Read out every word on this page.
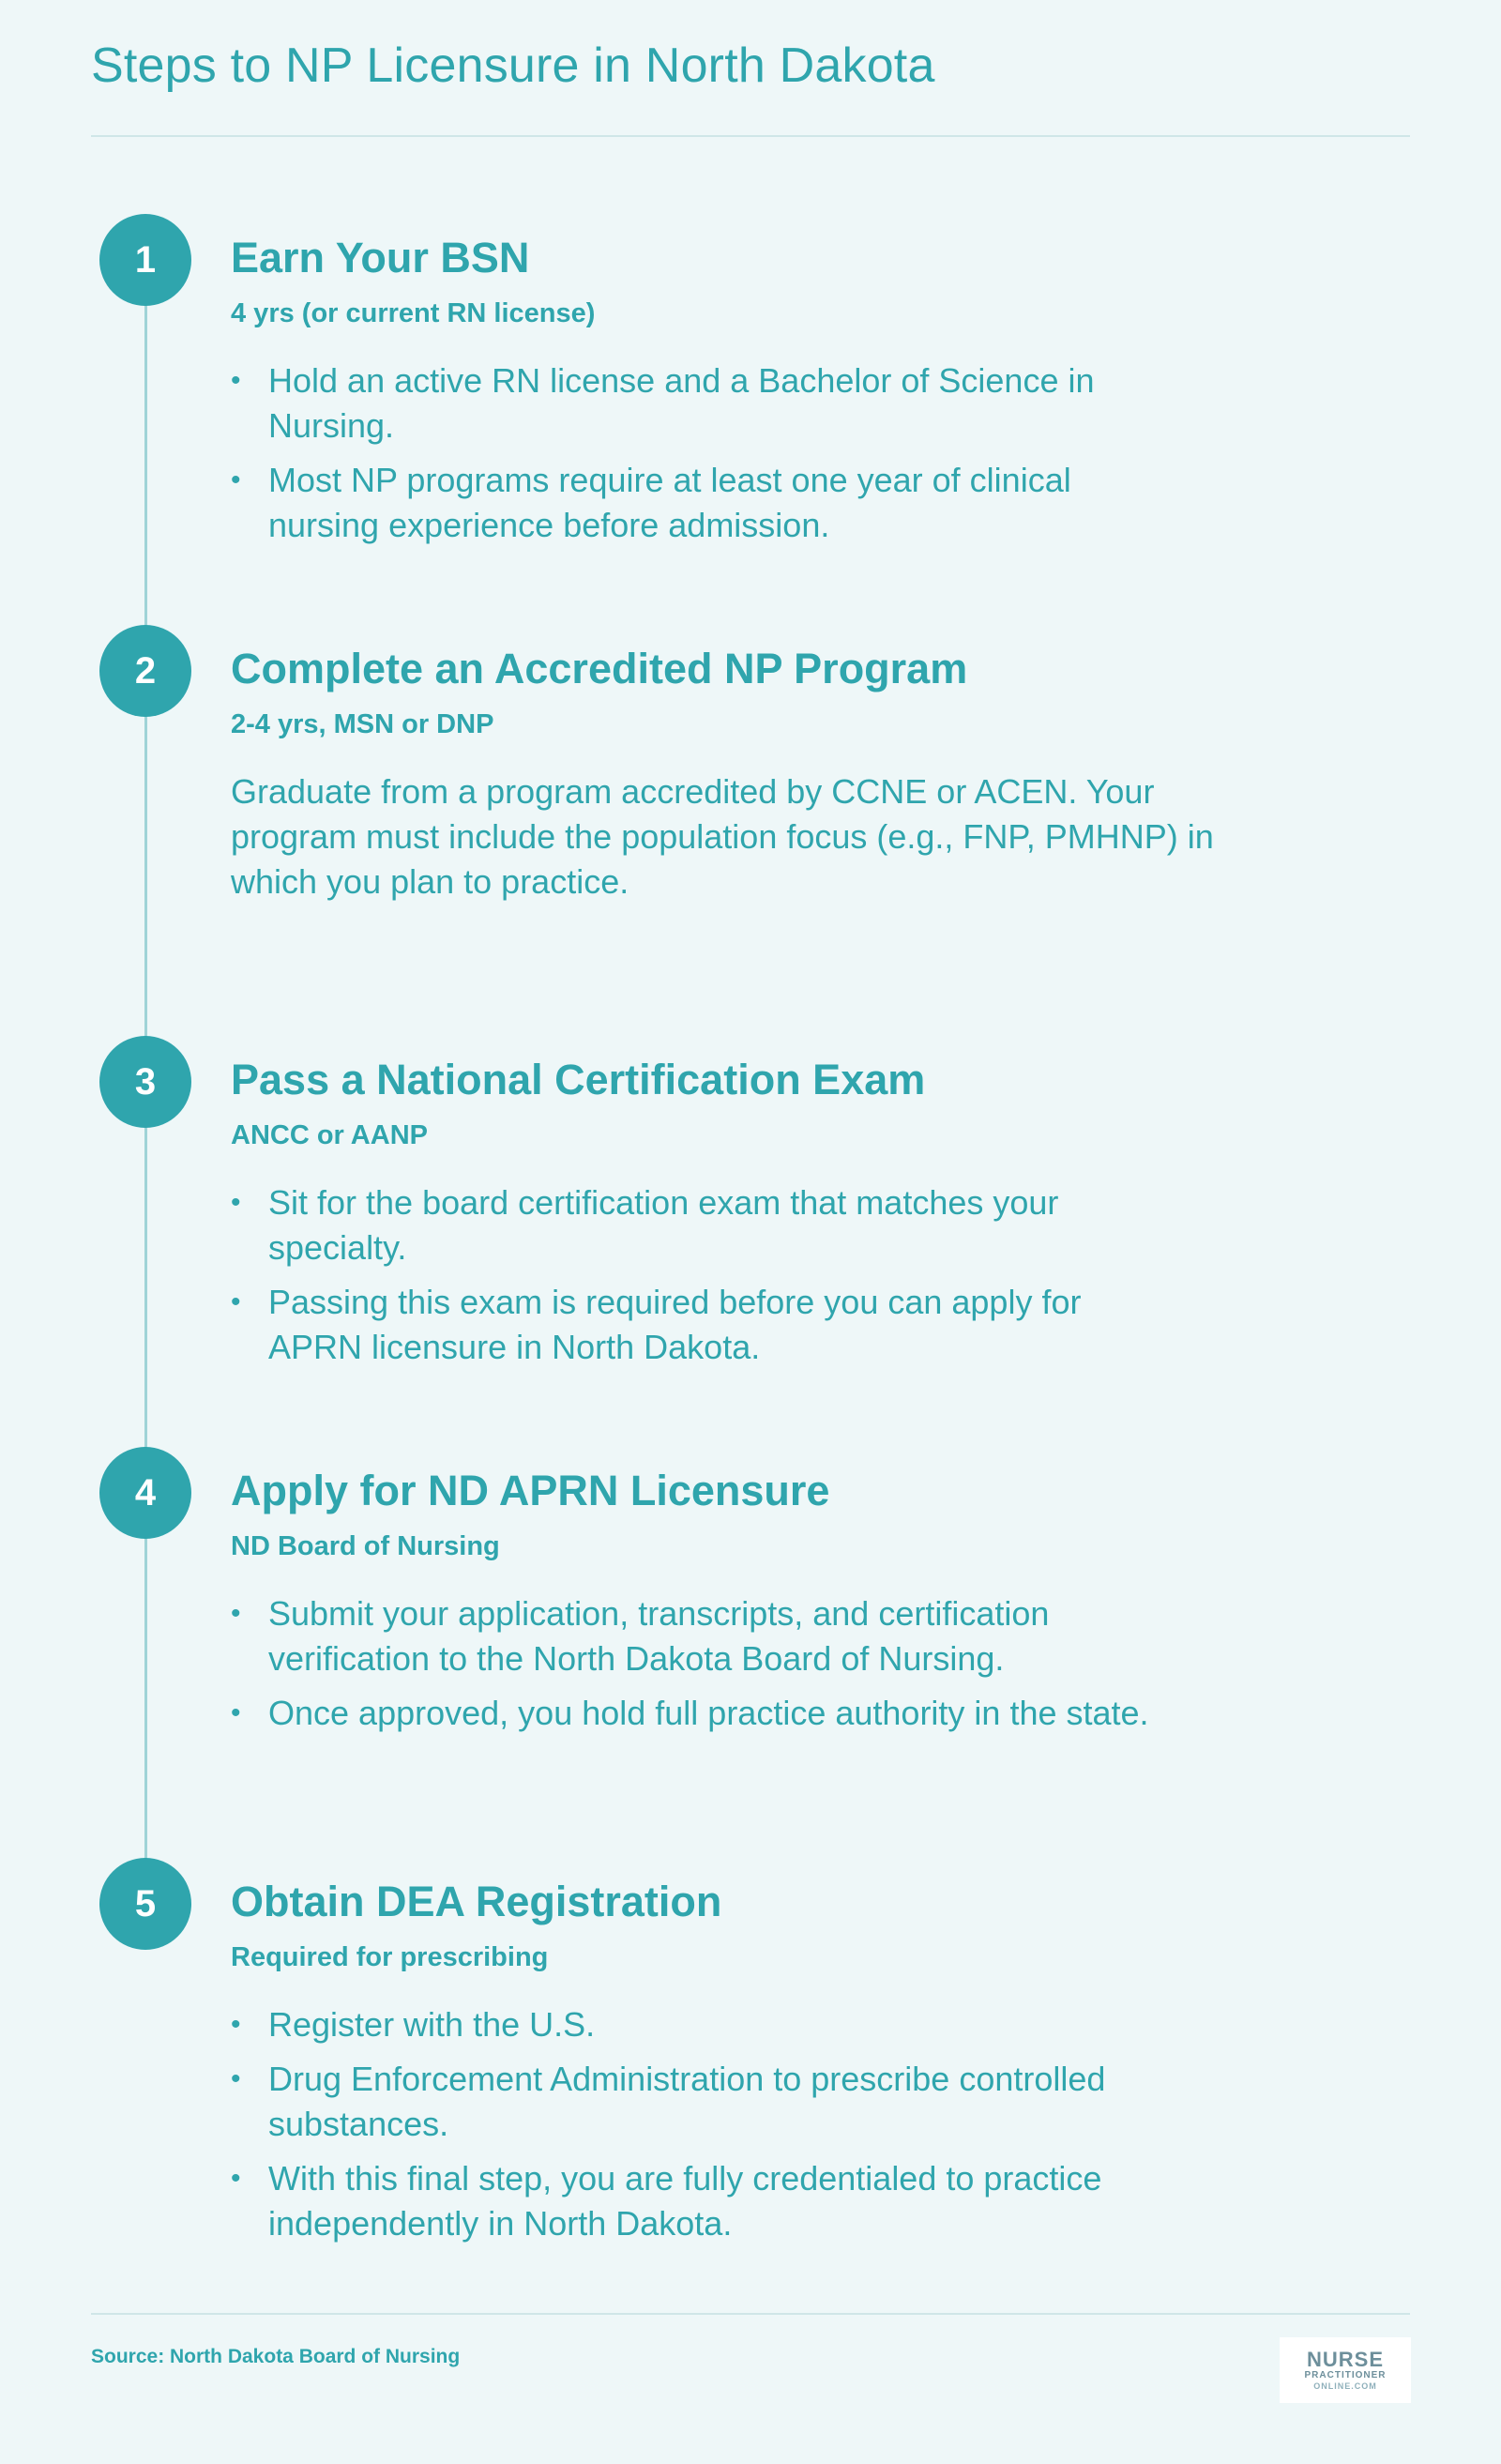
Steps to NP Licensure in North Dakota
1	Earn Your BSN
4 yrs (or current RN license)
• Hold an active RN license and a Bachelor of Science in Nursing.
• Most NP programs require at least one year of clinical nursing experience before admission.
2	Complete an Accredited NP Program
2-4 yrs, MSN or DNP

Graduate from a program accredited by CCNE or ACEN. Your program must include the population focus (e.g., FNP, PMHNP) in which you plan to practice.

3	Pass a National Certification Exam
ANCC or AANP
• Sit for the board certification exam that matches your specialty.
• Passing this exam is required before you can apply for APRN licensure in North Dakota.
4	Apply for ND APRN Licensure
ND Board of Nursing
• Submit your application, transcripts, and certification verification to the North Dakota Board of Nursing.
• Once approved, you hold full practice authority in the state.
5	Obtain DEA Registration
Required for prescribing
• Register with the U.S.
• Drug Enforcement Administration to prescribe controlled substances.
• With this final step, you are fully credentialed to practice independently in North Dakota.
Source: North Dakota Board of Nursing	NURSE
PRACTITIONER
ONLINE.COM
